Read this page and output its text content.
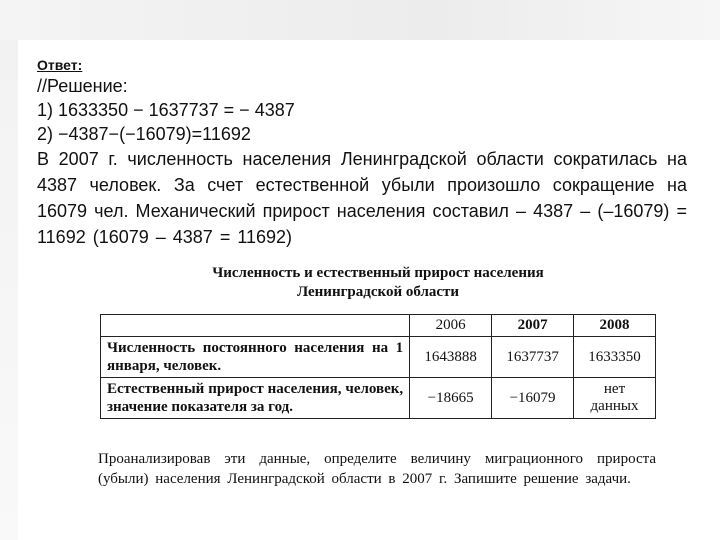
Ответ:

//Решение:

1) 1633350 − 1637737 = − 4387

2) −4387−(−16079)=11692

В 2007 г. численность населения Ленинградской области сократилась на 4387 человек. За счет естественной убыли произошло сокращение на 16079 чел. Механический прирост населения составил – 4387 – (–16079) = 11692 (16079 – 4387 = 11692)

Численность и естественный прирост населения
Ленинградской области
	2006	2007	2008
Численность постоянного населения на 1 января, человек.	1643888	1637737	1633350
Естественный прирост населения, человек, значение показателя за год.	−18665	−16079	нет данных
Проанализировав эти данные, определите величину миграционного прироста (убыли) населения Ленинградской области в 2007 г. Запишите решение задачи.
